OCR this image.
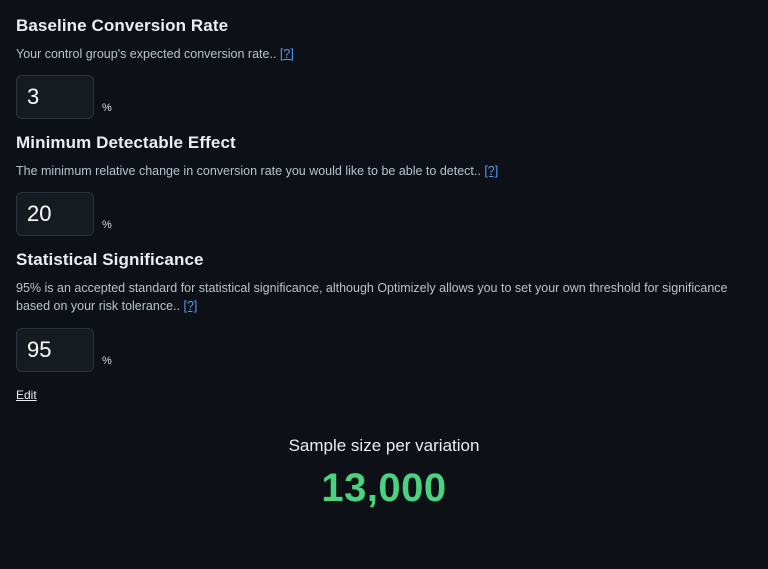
Baseline Conversion Rate

Your control group's expected conversion rate.. [?]

3	%
Minimum Detectable Effect

The minimum relative change in conversion rate you would like to be able to detect.. [?]

20	%
Statistical Significance

95% is an accepted standard for statistical significance, although Optimizely allows you to set your own threshold for significance based on your risk tolerance.. [?]

95	%
Edit
Sample size per variation
13,000
